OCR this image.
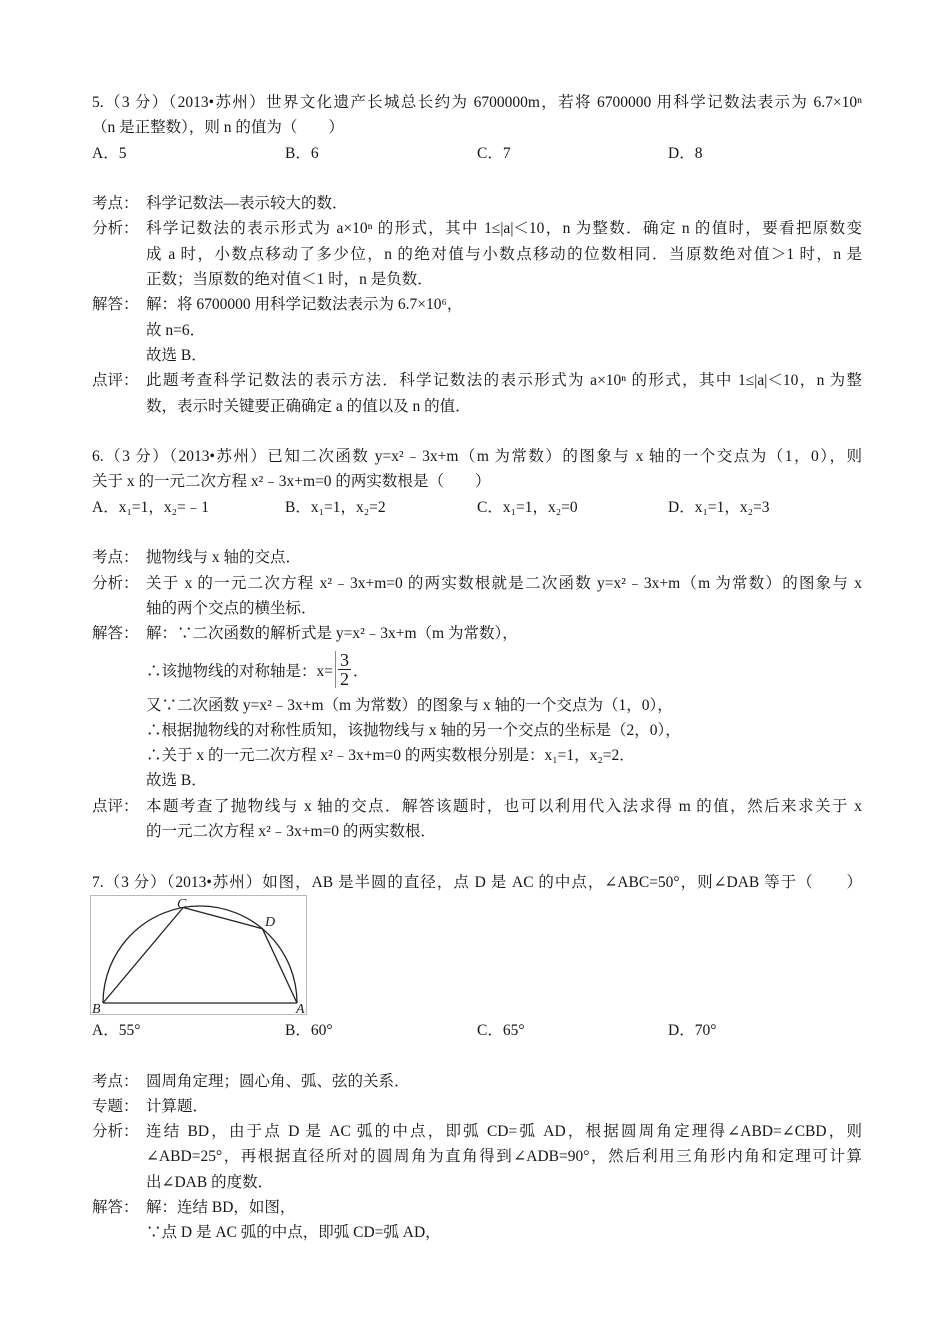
5.（3 分）（2013•苏州）世界文化遗产长城总长约为 6700000m，若将 6700000 用科学记数法表示为 6.7×10ⁿ
（n 是正整数），则 n 的值为（　　）
A．5	B．6	C．7	D．8
考点： 科学记数法—表示较大的数．
分析： 科学记数法的表示形式为 a×10ⁿ 的形式，其中 1≤|a|＜10，n 为整数．确定 n 的值时，要看把原数变
成 a 时，小数点移动了多少位，n 的绝对值与小数点移动的位数相同．当原数绝对值＞1 时，n 是
正数；当原数的绝对值＜1 时，n 是负数．
解答： 解：将 6700000 用科学记数法表示为 6.7×10⁶，
故 n=6．
故选 B．
点评： 此题考查科学记数法的表示方法．科学记数法的表示形式为 a×10ⁿ 的形式，其中 1≤|a|＜10，n 为整
数，表示时关键要正确确定 a 的值以及 n 的值．
6.（3 分）（2013•苏州）已知二次函数 y=x²﹣3x+m（m 为常数）的图象与 x 轴的一个交点为（1，0），则
关于 x 的一元二次方程 x²﹣3x+m=0 的两实数根是（　　）
A．x₁=1，x₂=﹣1	B．x₁=1，x₂=2	C．x₁=1，x₂=0	D．x₁=1，x₂=3
考点： 抛物线与 x 轴的交点．
分析： 关于 x 的一元二次方程 x²﹣3x+m=0 的两实数根就是二次函数 y=x²﹣3x+m（m 为常数）的图象与 x
轴的两个交点的横坐标．
解答： 解：∵二次函数的解析式是 y=x²﹣3x+m（m 为常数），
∴该抛物线的对称轴是：$x= \frac{3}{2}$ ．
又∵二次函数 y=x²﹣3x+m（m 为常数）的图象与 x 轴的一个交点为（1，0），
∴根据抛物线的对称性质知，该抛物线与 x 轴的另一个交点的坐标是（2，0），
∴关于 x 的一元二次方程 x²﹣3x+m=0 的两实数根分别是：x₁=1，x₂=2．
故选 B．
点评： 本题考查了抛物线与 x 轴的交点．解答该题时，也可以利用代入法求得 m 的值，然后来求关于 x
的一元二次方程 x²﹣3x+m=0 的两实数根．
7.（3 分）（2013•苏州）如图，AB 是半圆的直径，点 D 是 AC 的中点，∠ABC=50°，则∠DAB 等于（　　）
C
D
B	A
A．55°	B．60°	C．65°	D．70°
考点： 圆周角定理；圆心角、弧、弦的关系．
专题： 计算题．
分析： 连结 BD，由于点 D 是 AC 弧的中点，即弧 CD=弧 AD，根据圆周角定理得∠ABD=∠CBD，则
∠ABD=25°，再根据直径所对的圆周角为直角得到∠ADB=90°，然后利用三角形内角和定理可计算
出∠DAB 的度数．
解答： 解：连结 BD，如图，
∵点 D 是 AC 弧的中点，即弧 CD=弧 AD，
